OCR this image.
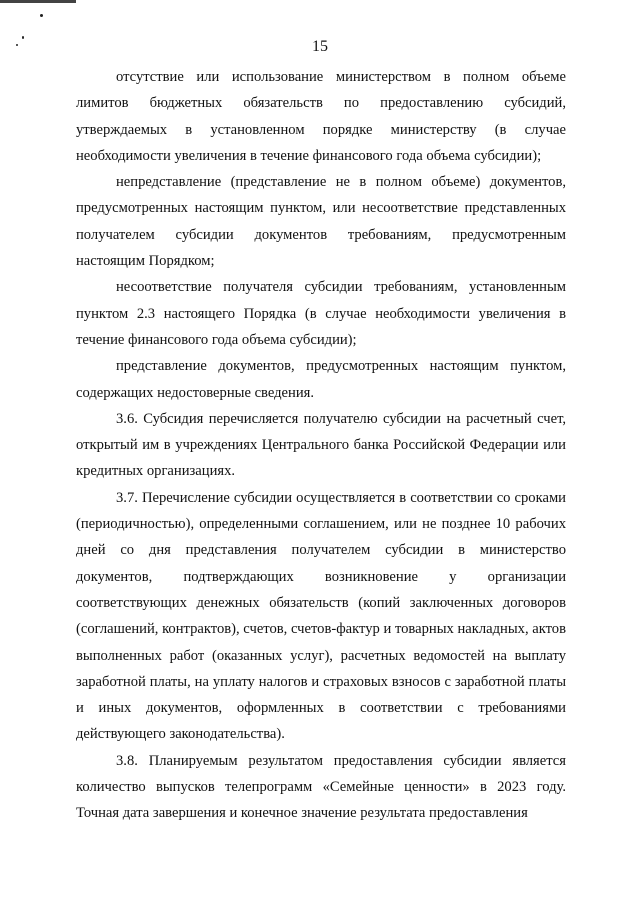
15

отсутствие или использование министерством в полном объеме лимитов бюджетных обязательств по предоставлению субсидий, утверждаемых в установленном порядке министерству (в случае необходимости увеличения в течение финансового года объема субсидии);

непредставление (представление не в полном объеме) документов, предусмотренных настоящим пунктом, или несоответствие представленных получателем субсидии документов требованиям, предусмотренным настоящим Порядком;

несоответствие получателя субсидии требованиям, установленным пунктом 2.3 настоящего Порядка (в случае необходимости увеличения в течение финансового года объема субсидии);

представление документов, предусмотренных настоящим пунктом, содержащих недостоверные сведения.

3.6. Субсидия перечисляется получателю субсидии на расчетный счет, открытый им в учреждениях Центрального банка Российской Федерации или кредитных организациях.

3.7. Перечисление субсидии осуществляется в соответствии со сроками (периодичностью), определенными соглашением, или не позднее 10 рабочих дней со дня представления получателем субсидии в министерство документов, подтверждающих возникновение у организации соответствующих денежных обязательств (копий заключенных договоров (соглашений, контрактов), счетов, счетов-фактур и товарных накладных, актов выполненных работ (оказанных услуг), расчетных ведомостей на выплату заработной платы, на уплату налогов и страховых взносов с заработной платы и иных документов, оформленных в соответствии с требованиями действующего законодательства).

3.8. Планируемым результатом предоставления субсидии является количество выпусков телепрограмм «Семейные ценности» в 2023 году. Точная дата завершения и конечное значение результата предоставления
